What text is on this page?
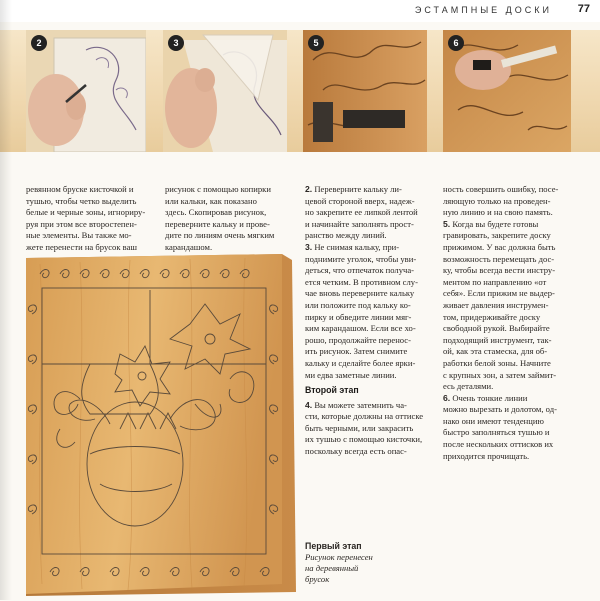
ЭСТАМПНЫЕ ДОСКИ 77
2	3	5	6

ревянном бруске кисточкой и

тушью, чтобы четко выделить

белые и черные зоны, игнориру-

руя при этом все второстепен-

ные элементы. Вы также мо-

жете перенести на брусок ваш

рисунок с помощью копирки

или кальки, как показано

здесь. Скопировав рисунок,

переверните кальку и прове-

дите по линиям очень мягким

карандашом.

2. Переверните кальку ли-

цевой стороной вверх, надеж-

но закрепите ее липкой лентой

и начинайте заполнять прост-

ранство между линий.

3. Не снимая кальку, при-

поднимите уголок, чтобы уви-

деться, что отпечаток получа-

ется четким. В противном слу-

чае вновь переверните кальку

или положите под кальку ко-

пирку и обведите линии мяг-

ким карандашом. Если все хо-

рошо, продолжайте перенос-

ить рисунок. Затем снимите

кальку и сделайте более ярки-

ми едва заметные линии.

Второй этап

4. Вы можете затемнить ча-

сти, которые должны на оттиске

быть черными, или закрасить

их тушью с помощью кисточки,

поскольку всегда есть опас-

ность совершить ошибку, посе-

ляющую только на проведен-

ную линию и на свою память.

5. Когда вы будете готовы

гравировать, закрепите доску

прижимом. У вас должна быть

возможность перемещать дос-

ку, чтобы всегда вести инстру-

ментом по направлению «от

себя». Если прижим не выдер-

живает давления инструмен-

том, придерживайте доску

свободной рукой. Выбирайте

подходящий инструмент, так-

ой, как эта стамеска, для об-

работки белой зоны. Начните

с крупных зон, а затем займит-

есь деталями.

6. Очень тонкие линии

можно вырезать и долотом, од-

нако они имеют тенденцию

быстро заполняться тушью и

после нескольких оттисков их

приходится прочищать.

Первый этап
Рисунок перенесен
на деревянный
брусок
